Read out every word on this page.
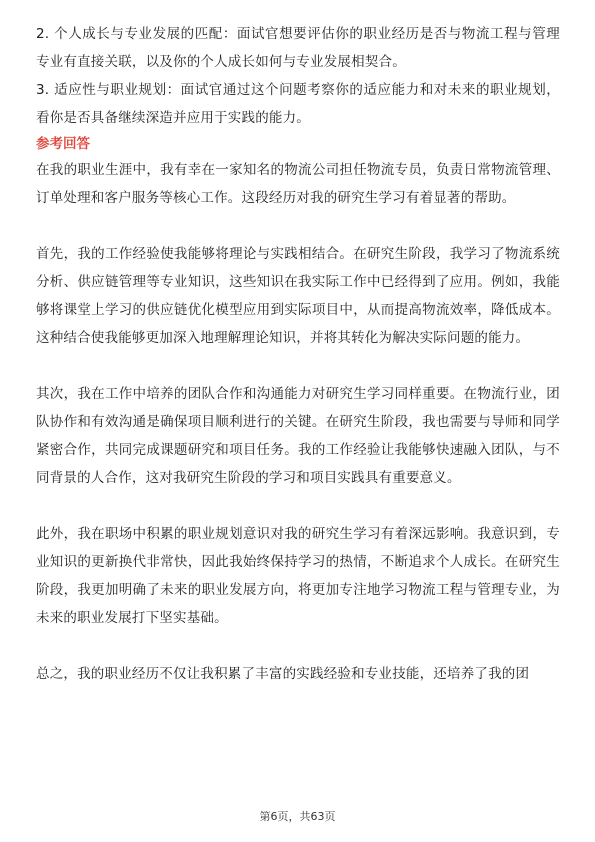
2. 个人成长与专业发展的匹配：面试官想要评估你的职业经历是否与物流工程与管理专业有直接关联，以及你的个人成长如何与专业发展相契合。

3. 适应性与职业规划：面试官通过这个问题考察你的适应能力和对未来的职业规划，看你是否具备继续深造并应用于实践的能力。

参考回答

在我的职业生涯中，我有幸在一家知名的物流公司担任物流专员，负责日常物流管理、订单处理和客户服务等核心工作。这段经历对我的研究生学习有着显著的帮助。

首先，我的工作经验使我能够将理论与实践相结合。在研究生阶段，我学习了物流系统分析、供应链管理等专业知识，这些知识在我实际工作中已经得到了应用。例如，我能够将课堂上学习的供应链优化模型应用到实际项目中，从而提高物流效率，降低成本。这种结合使我能够更加深入地理解理论知识，并将其转化为解决实际问题的能力。

其次，我在工作中培养的团队合作和沟通能力对研究生学习同样重要。在物流行业，团队协作和有效沟通是确保项目顺利进行的关键。在研究生阶段，我也需要与导师和同学紧密合作，共同完成课题研究和项目任务。我的工作经验让我能够快速融入团队，与不同背景的人合作，这对我研究生阶段的学习和项目实践具有重要意义。

此外，我在职场中积累的职业规划意识对我的研究生学习有着深远影响。我意识到，专业知识的更新换代非常快，因此我始终保持学习的热情，不断追求个人成长。在研究生阶段，我更加明确了未来的职业发展方向，将更加专注地学习物流工程与管理专业，为未来的职业发展打下坚实基础。

总之，我的职业经历不仅让我积累了丰富的实践经验和专业技能，还培养了我的团

第6页，共63页
